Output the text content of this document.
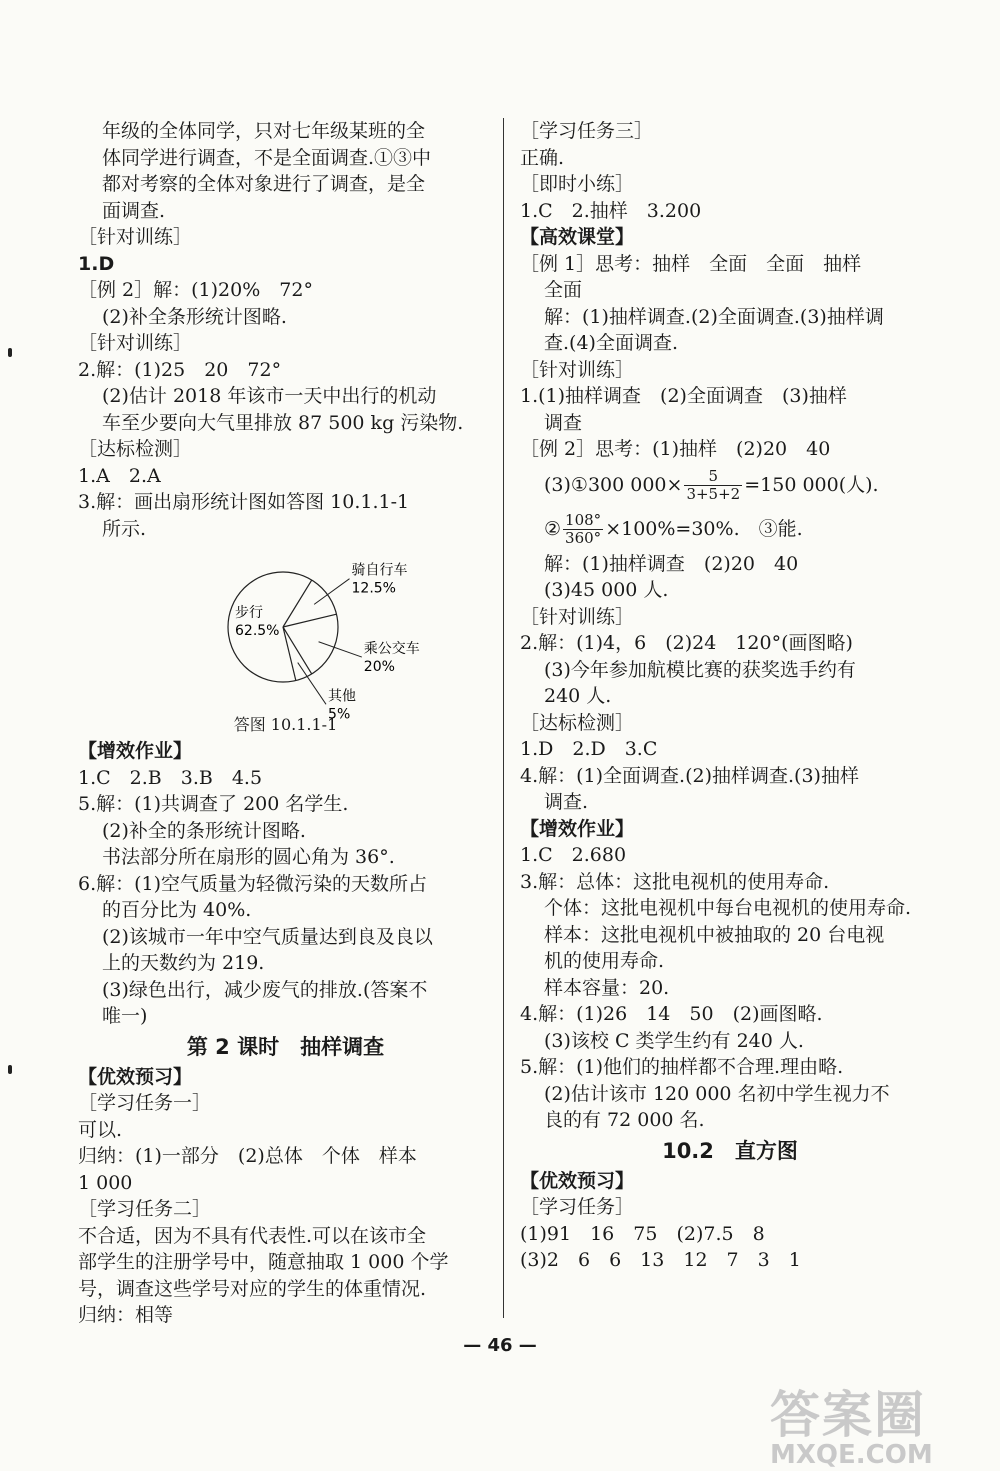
年级的全体同学，只对七年级某班的全
体同学进行调查，不是全面调查.①③中
都对考察的全体对象进行了调查，是全
面调查.
［针对训练］
1.D
［例 2］解：(1)20%　72°
(2)补全条形统计图略.
［针对训练］
2.解：(1)25　20　72°
(2)估计 2018 年该市一天中出行的机动
车至少要向大气里排放 87 500 kg 污染物.
［达标检测］
1.A　2.A
3.解：画出扇形统计图如答图 10.1.1-1
所示.
骑自行车
12.5%
乘公交车
20%
其他
5%
步行
62.5%
答图 10.1.1-1
【增效作业】
1.C　2.B　3.B　4.5
5.解：(1)共调查了 200 名学生.
(2)补全的条形统计图略.
书法部分所在扇形的圆心角为 36°.
6.解：(1)空气质量为轻微污染的天数所占
的百分比为 40%.
(2)该城市一年中空气质量达到良及良以
上的天数约为 219.
(3)绿色出行，减少废气的排放.(答案不
唯一)
第 2 课时　抽样调查
【优效预习】
［学习任务一］
可以.
归纳：(1)一部分　(2)总体　个体　样本
1 000
［学习任务二］
不合适，因为不具有代表性.可以在该市全
部学生的注册学号中，随意抽取 1 000 个学
号，调查这些学号对应的学生的体重情况.
归纳：相等
［学习任务三］
正确.
［即时小练］
1.C　2.抽样　3.200
【高效课堂】
［例 1］思考：抽样　全面　全面　抽样
全面
解：(1)抽样调查.(2)全面调查.(3)抽样调
查.(4)全面调查.
［针对训练］
1.(1)抽样调查　(2)全面调查　(3)抽样
调查
［例 2］思考：(1)抽样　(2)20　40
(3)①300 $000\times \frac{5}{3+5+2} =150$ 000(人).
② $\frac{108^\circ}{360^\circ} \times 100\%=30\%$.　③能.
解：(1)抽样调查　(2)20　40
(3)45 000 人.
［针对训练］
2.解：(1)4，6　(2)24　120°(画图略)
(3)今年参加航模比赛的获奖选手约有
240 人.
［达标检测］
1.D　2.D　3.C
4.解：(1)全面调查.(2)抽样调查.(3)抽样
调查.
【增效作业】
1.C　2.680
3.解：总体：这批电视机的使用寿命.
个体：这批电视机中每台电视机的使用寿命.
样本：这批电视机中被抽取的 20 台电视
机的使用寿命.
样本容量：20.
4.解：(1)26　14　50　(2)画图略.
(3)该校 C 类学生约有 240 人.
5.解：(1)他们的抽样都不合理.理由略.
(2)估计该市 120 000 名初中学生视力不
良的有 72 000 名.
10.2　直方图
【优效预习】
［学习任务］
(1)91　16　75　(2)7.5　8
(3)2　6　6　13　12　7　3　1
— 46 —
答案圈
MXQE.COM
